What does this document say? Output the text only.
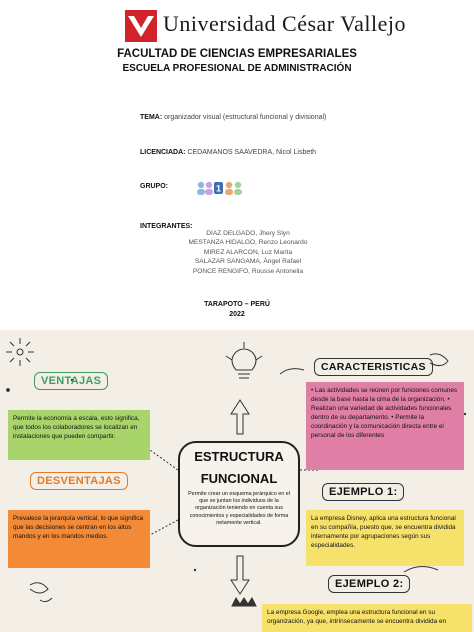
Universidad César Vallejo
FACULTAD DE CIENCIAS EMPRESARIALES
ESCUELA PROFESIONAL DE ADMINISTRACIÓN
TEMA: organizador visual (estructural funcional y divisional)
LICENCIADA: CEDAMANOS SAAVEDRA, Nicol Lisbeth
GRUPO:	1
INTEGRANTES:
DIAZ DELGADO, Jhery Slyn
MESTANZA HIDALGO, Renzo Leonardo
MIREZ ALARCON, Luz Marita
SALAZAR SANGAMA, Ángel Rafael
PONCE RENGIFO, Rousse Antonella
TARAPOTO – PERÚ
2022
VENTAJAS
Permite la economía a escala, esto significa, que todos los colaboradores se localizan en instalaciones que pueden compartir.
DESVENTAJAS
Prevalece la jerarquía vertical, lo que significa que las decisiones se centran en los altos mandos y en los mandos medios.
ESTRUCTURA
FUNCIONAL
Permite crear un esquema jerárquico en el que se juntan los individuos de la organización teniendo en cuenta sus conocimientos y especialidades de forma netamente vertical.
CARACTERISTICAS
• Las actividades se reúnen por funciones comunes desde la base hasta la cima de la organización. • Realizan una variedad de actividades funcionales dentro de su departamento. • Permite la coordinación y la comunicación directa entre el personal de los diferentes
EJEMPLO 1:
La empresa Disney, aplica una estructura funcional en su compañía, puesto que, se encuentra dividida internamente por agrupaciones según sus especialidades.
EJEMPLO 2:
La empresa Google, emplea una estructura funcional en su organización, ya que, intrínsecamente se encuentra dividida en
